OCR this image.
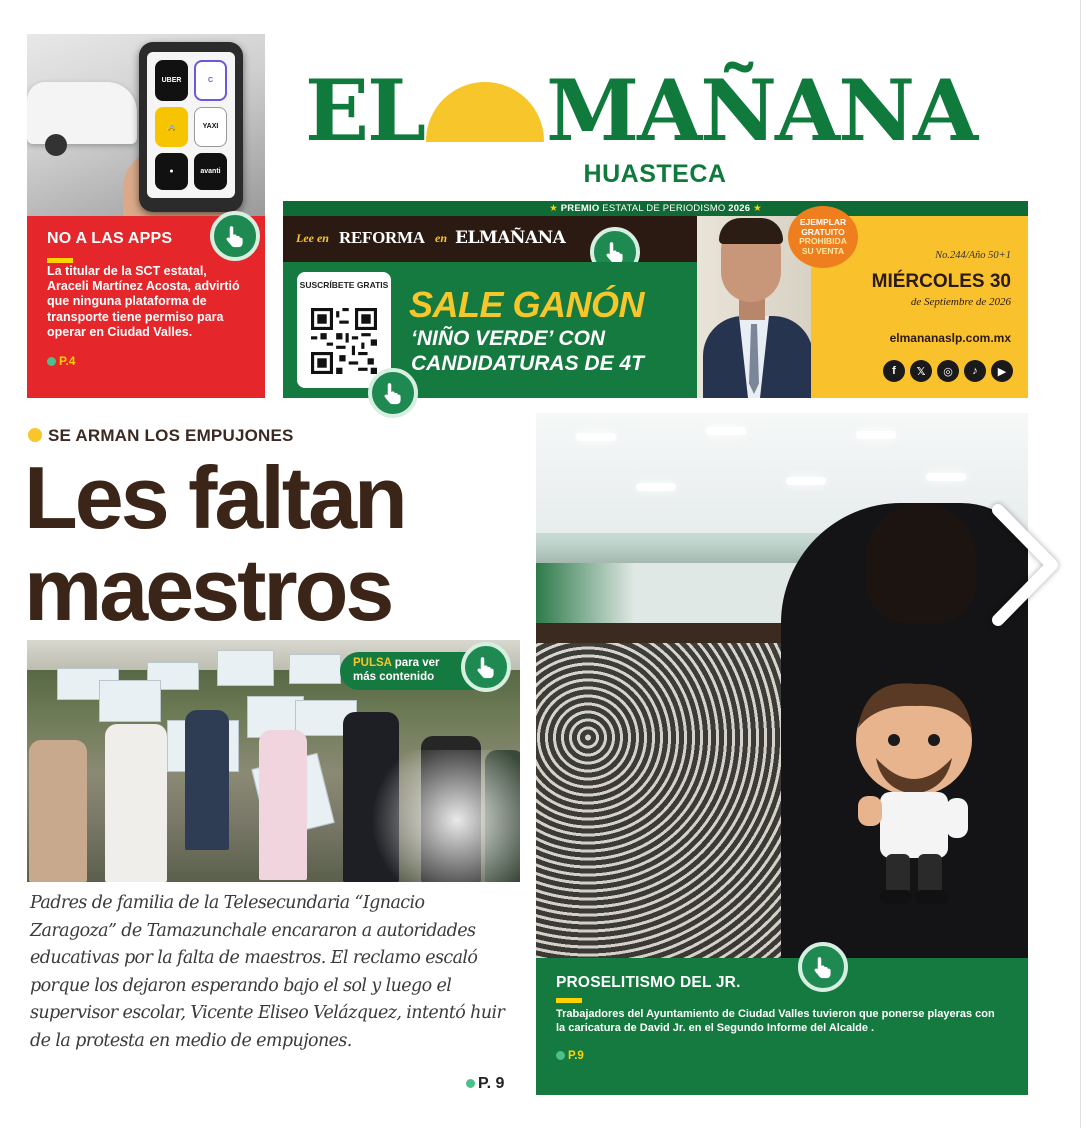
UBER	C
🚕	YAXI
●	avanti
NO A LAS APPS

La titular de la SCT estatal, Araceli Martínez Acosta, advirtió que ninguna plataforma de transporte tiene permiso para operar en Ciudad Valles.

P.4
EL MAÑANA
HUASTECA
★ PREMIO ESTATAL DE PERIODISMO 2026 ★
Lee en REFORMA en ELMAÑANA
SUSCRÍBETE GRATIS SALE GANÓN
‘NIÑO VERDE’ CON CANDIDATURAS DE 4T
No.244/Año 50+1
MIÉRCOLES 30
de Septiembre de 2026
elmananaslp.com.mx
f	𝕏	◎	♪	▶
EJEMPLAR
GRATUITO
PROHIBIDA
SU VENTA
SE ARMAN LOS EMPUJONES
Les faltan
maestros
PULSA para ver
más contenido

Padres de familia de la Telesecundaria “Ignacio Zaragoza” de Tamazunchale encararon a autoridades educativas por la falta de maestros. El reclamo escaló porque los dejaron esperando bajo el sol y luego el supervisor escolar, Vicente Eliseo Velázquez, intentó huir de la protesta en medio de empujones.

P. 9
PROSELITISMO DEL JR.

Trabajadores del Ayuntamiento de Ciudad Valles tuvieron que ponerse playeras con la caricatura de David Jr. en el Segundo Informe del Alcalde .

P.9
